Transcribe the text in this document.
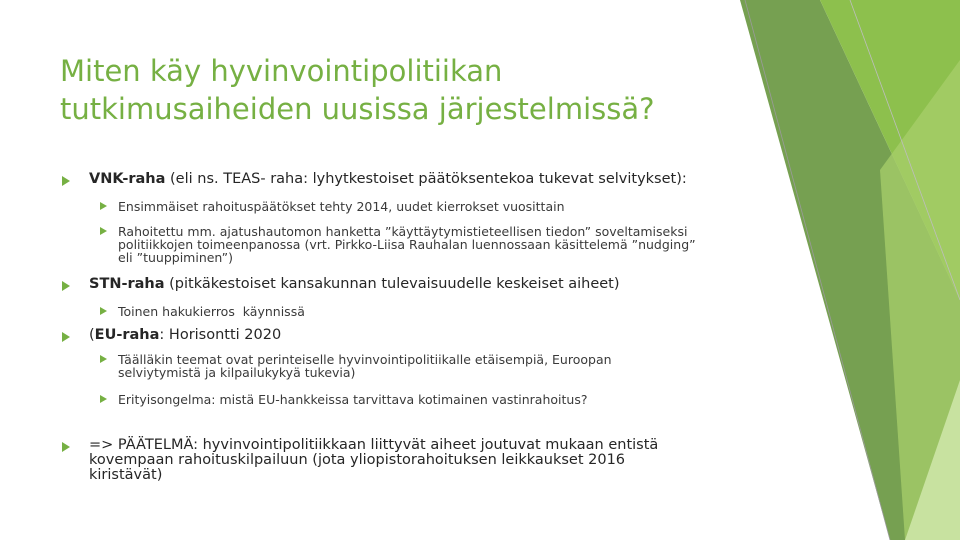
Miten käy hyvinvointipolitiikan tutkimusaiheiden uusissa järjestelmissä?
VNK-raha (eli ns. TEAS- raha: lyhytkestoiset päätöksentekoa tukevat selvitykset):
Ensimmäiset rahoituspäätökset tehty 2014, uudet kierrokset vuosittain
Rahoitettu mm. ajatushautomon hanketta ”käyttäytymistieteellisen tiedon” soveltamiseksi politiikkojen toimeenpanossa (vrt. Pirkko-Liisa Rauhalan luennossaan käsittelemä ”nudging” eli ”tuuppiminen”)
STN-raha (pitkäkestoiset kansakunnan tulevaisuudelle keskeiset aiheet)
Toinen hakukierros  käynnissä
(EU-raha: Horisontti 2020
Täälläkin teemat ovat perinteiselle hyvinvointipolitiikalle etäisempiä, Euroopan selviytymistä ja kilpailukykyä tukevia)
Erityisongelma: mistä EU-hankkeissa tarvittava kotimainen vastinrahoitus?
=> PÄÄTELMÄ: hyvinvointipolitiikkaan liittyvät aiheet joutuvat mukaan entistä kovempaan rahoituskilpailuun (jota yliopistorahoituksen leikkaukset 2016 kiristävät)
